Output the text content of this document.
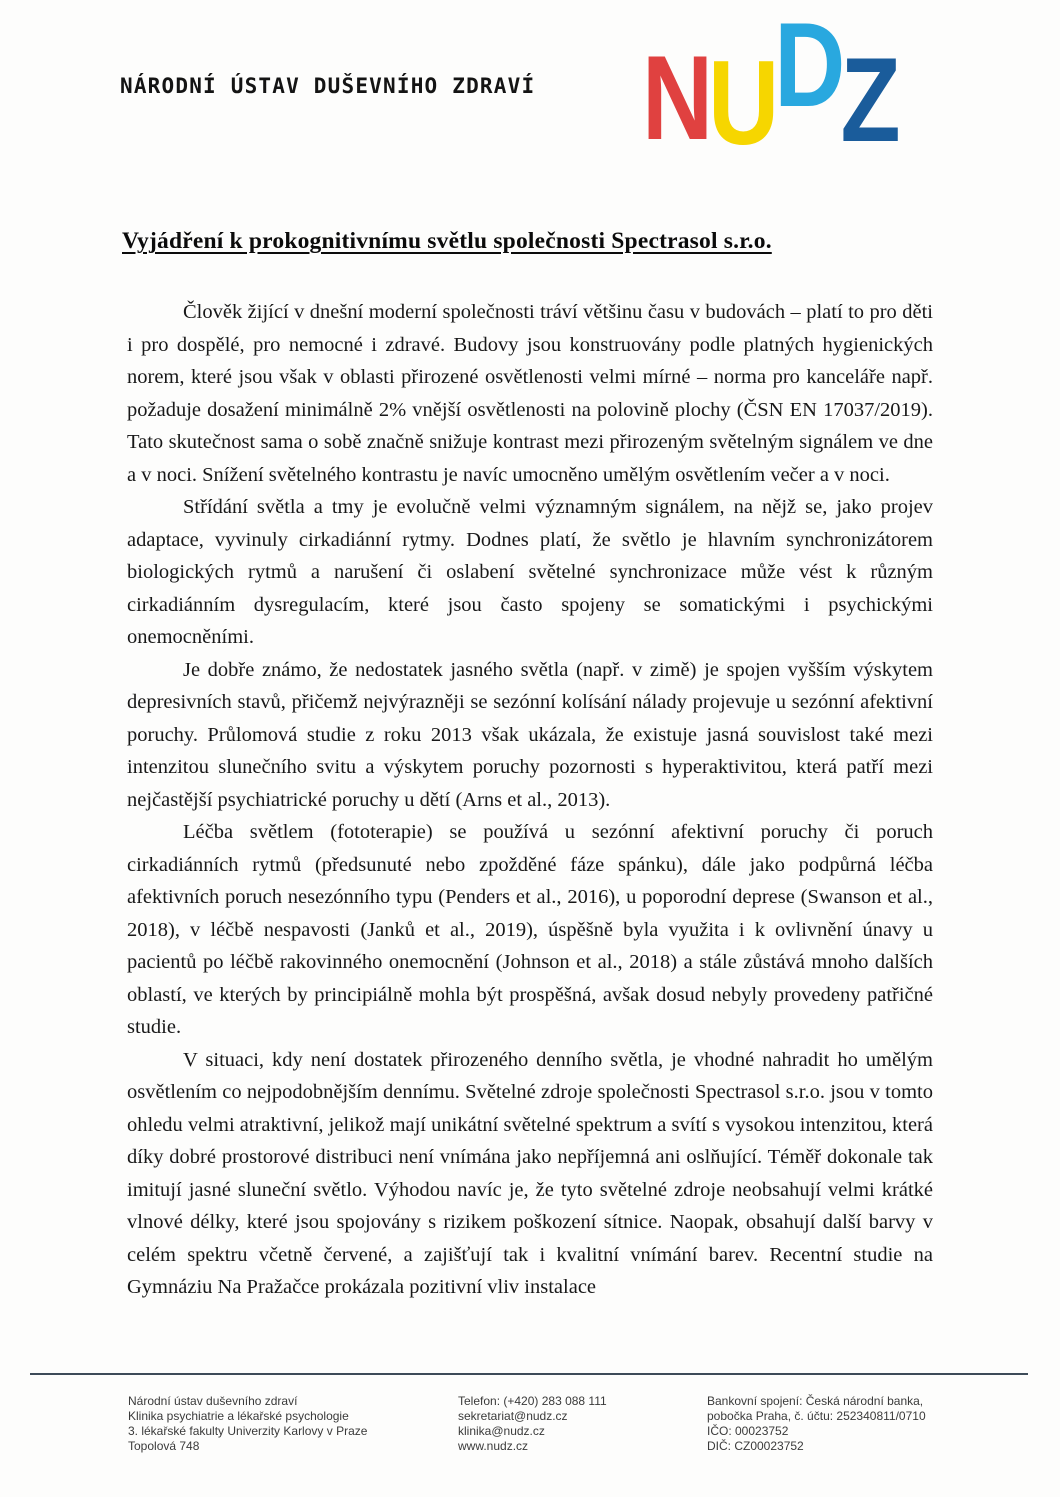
NÁRODNÍ ÚSTAV DUŠEVNÍHO ZDRAVÍ NUDZ
Vyjádření k prokognitivnímu světlu společnosti Spectrasol s.r.o.

Člověk žijící v dnešní moderní společnosti tráví většinu času v budovách – platí to pro děti i pro dospělé, pro nemocné i zdravé. Budovy jsou konstruovány podle platných hygienických norem, které jsou však v oblasti přirozené osvětlenosti velmi mírné – norma pro kanceláře např. požaduje dosažení minimálně 2% vnější osvětlenosti na polovině plochy (ČSN EN 17037/2019). Tato skutečnost sama o sobě značně snižuje kontrast mezi přirozeným světelným signálem ve dne a v noci. Snížení světelného kontrastu je navíc umocněno umělým osvětlením večer a v noci.

Střídání světla a tmy je evolučně velmi významným signálem, na nějž se, jako projev adaptace, vyvinuly cirkadiánní rytmy. Dodnes platí, že světlo je hlavním synchronizátorem biologických rytmů a narušení či oslabení světelné synchronizace může vést k různým cirkadiánním dysregulacím, které jsou často spojeny se somatickými i psychickými onemocněními.

Je dobře známo, že nedostatek jasného světla (např. v zimě) je spojen vyšším výskytem depresivních stavů, přičemž nejvýrazněji se sezónní kolísání nálady projevuje u sezónní afektivní poruchy. Průlomová studie z roku 2013 však ukázala, že existuje jasná souvislost také mezi intenzitou slunečního svitu a výskytem poruchy pozornosti s hyperaktivitou, která patří mezi nejčastější psychiatrické poruchy u dětí (Arns et al., 2013).

Léčba světlem (fototerapie) se používá u sezónní afektivní poruchy či poruch cirkadiánních rytmů (předsunuté nebo zpožděné fáze spánku), dále jako podpůrná léčba afektivních poruch nesezónního typu (Penders et al., 2016), u poporodní deprese (Swanson et al., 2018), v léčbě nespavosti (Janků et al., 2019), úspěšně byla využita i k ovlivnění únavy u pacientů po léčbě rakovinného onemocnění (Johnson et al., 2018) a stále zůstává mnoho dalších oblastí, ve kterých by principiálně mohla být prospěšná, avšak dosud nebyly provedeny patřičné studie.

V situaci, kdy není dostatek přirozeného denního světla, je vhodné nahradit ho umělým osvětlením co nejpodobnějším dennímu. Světelné zdroje společnosti Spectrasol s.r.o. jsou v tomto ohledu velmi atraktivní, jelikož mají unikátní světelné spektrum a svítí s vysokou intenzitou, která díky dobré prostorové distribuci není vnímána jako nepříjemná ani oslňující. Téměř dokonale tak imitují jasné sluneční světlo. Výhodou navíc je, že tyto světelné zdroje neobsahují velmi krátké vlnové délky, které jsou spojovány s rizikem poškození sítnice. Naopak, obsahují další barvy v celém spektru včetně červené, a zajišťují tak i kvalitní vnímání barev. Recentní studie na Gymnáziu Na Pražačce prokázala pozitivní vliv instalace

Národní ústav duševního zdraví
Klinika psychiatrie a lékařské psychologie
3. lékařské fakulty Univerzity Karlovy v Praze
Topolová 748
Telefon: (+420) 283 088 111
sekretariat@nudz.cz
klinika@nudz.cz
www.nudz.cz
Bankovní spojení: Česká národní banka,
pobočka Praha, č. účtu: 252340811/0710
IČO: 00023752
DIČ: CZ00023752
